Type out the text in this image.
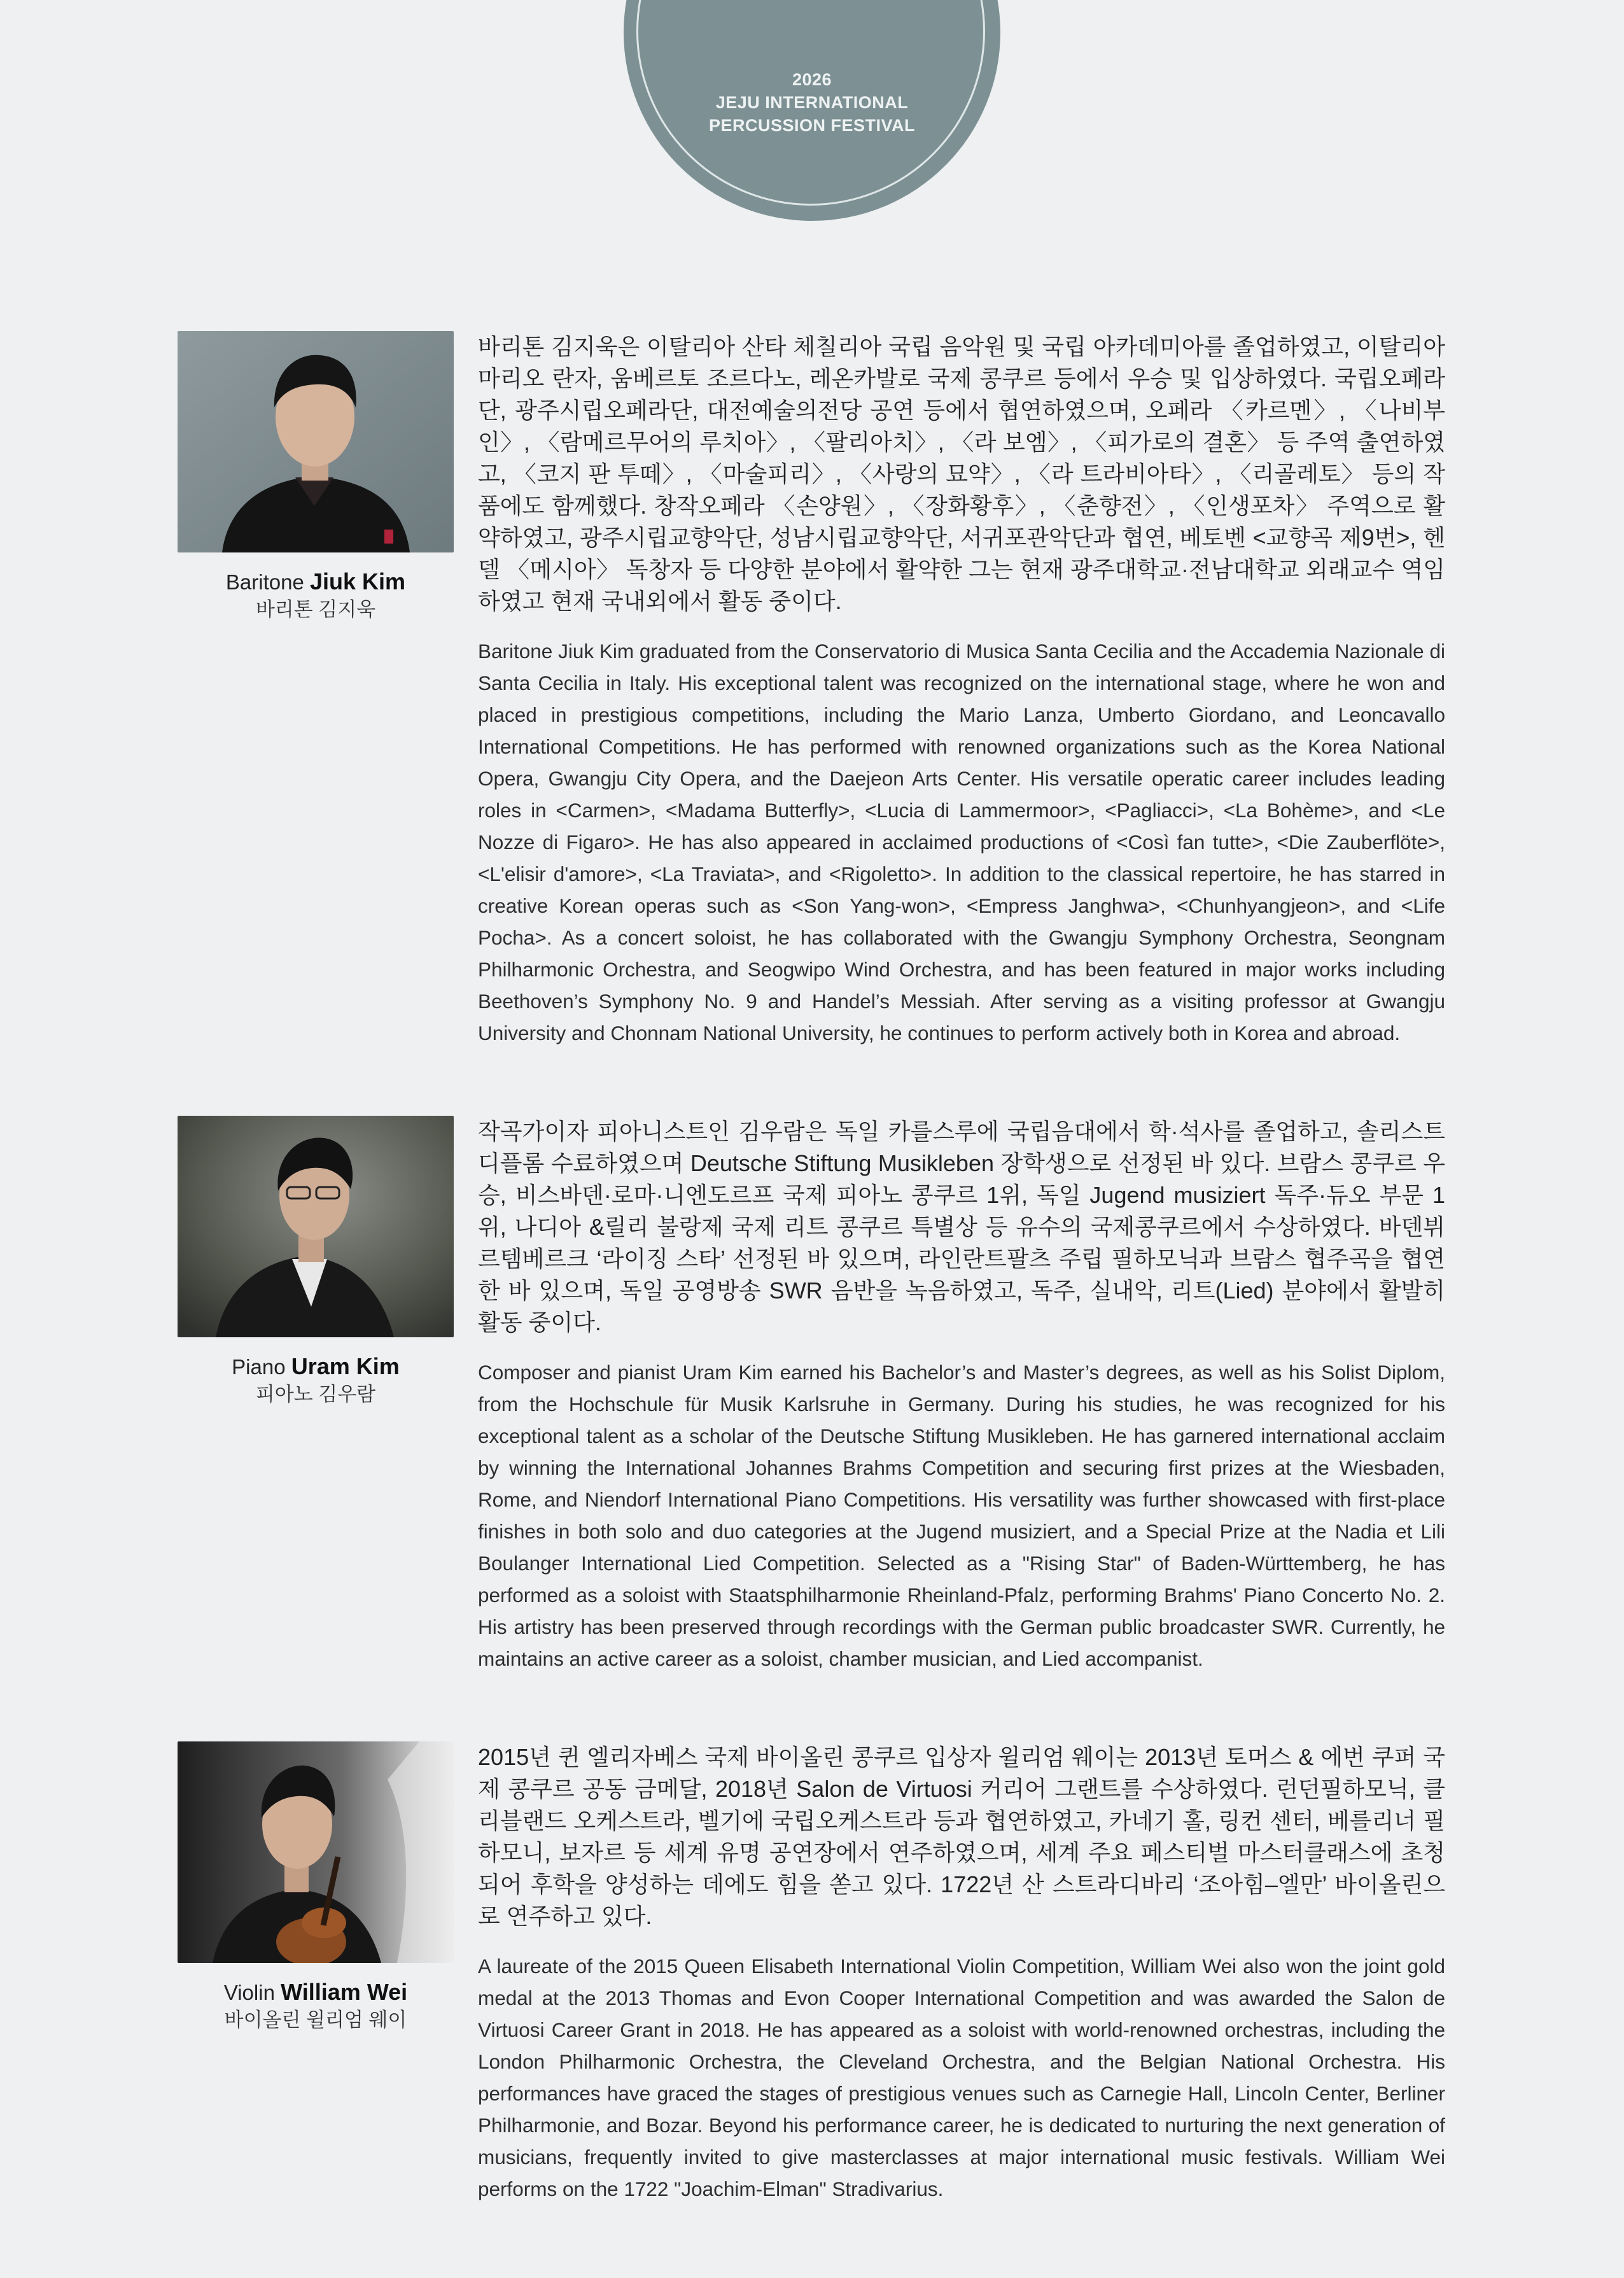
2026
JEJU INTERNATIONAL
PERCUSSION FESTIVAL
Baritone Jiuk Kim
바리톤 김지욱

바리톤 김지욱은 이탈리아 산타 체칠리아 국립 음악원 및 국립 아카데미아를 졸업하였고, 이탈리아 마리오 란자, 움베르토 조르다노, 레온카발로 국제 콩쿠르 등에서 우승 및 입상하였다. 국립오페라단, 광주시립오페라단, 대전예술의전당 공연 등에서 협연하였으며, 오페라 〈카르멘〉, 〈나비부인〉, 〈람메르무어의 루치아〉, 〈팔리아치〉, 〈라 보엠〉, 〈피가로의 결혼〉 등 주역 출연하였고, 〈코지 판 투떼〉, 〈마술피리〉, 〈사랑의 묘약〉, 〈라 트라비아타〉, 〈리골레토〉 등의 작품에도 함께했다. 창작오페라 〈손양원〉, 〈장화황후〉, 〈춘향전〉, 〈인생포차〉 주역으로 활약하였고, 광주시립교향악단, 성남시립교향악단, 서귀포관악단과 협연, 베토벤 <교향곡 제9번>, 헨델 〈메시아〉 독창자 등 다양한 분야에서 활약한 그는 현재 광주대학교·전남대학교 외래교수 역임하였고 현재 국내외에서 활동 중이다.

Baritone Jiuk Kim graduated from the Conservatorio di Musica Santa Cecilia and the Accademia Nazionale di Santa Cecilia in Italy. His exceptional talent was recognized on the international stage, where he won and placed in prestigious competitions, including the Mario Lanza, Umberto Giordano, and Leoncavallo International Competitions. He has performed with renowned organizations such as the Korea National Opera, Gwangju City Opera, and the Daejeon Arts Center. His versatile operatic career includes leading roles in <Carmen>, <Madama Butterfly>, <Lucia di Lammermoor>, <Pagliacci>, <La Bohème>, and <Le Nozze di Figaro>. He has also appeared in acclaimed productions of <Così fan tutte>, <Die Zauberflöte>, <L'elisir d'amore>, <La Traviata>, and <Rigoletto>. In addition to the classical repertoire, he has starred in creative Korean operas such as <Son Yang-won>, <Empress Janghwa>, <Chunhyangjeon>, and <Life Pocha>. As a concert soloist, he has collaborated with the Gwangju Symphony Orchestra, Seongnam Philharmonic Orchestra, and Seogwipo Wind Orchestra, and has been featured in major works including Beethoven’s Symphony No. 9 and Handel’s Messiah. After serving as a visiting professor at Gwangju University and Chonnam National University, he continues to perform actively both in Korea and abroad.

Piano Uram Kim
피아노 김우람

작곡가이자 피아니스트인 김우람은 독일 카를스루에 국립음대에서 학·석사를 졸업하고, 솔리스트 디플롬 수료하였으며 Deutsche Stiftung Musikleben 장학생으로 선정된 바 있다. 브람스 콩쿠르 우승, 비스바덴·로마·니엔도르프 국제 피아노 콩쿠르 1위, 독일 Jugend musiziert 독주·듀오 부문 1위, 나디아 &릴리 불랑제 국제 리트 콩쿠르 특별상 등 유수의 국제콩쿠르에서 수상하였다. 바덴뷔르템베르크 ‘라이징 스타’ 선정된 바 있으며, 라인란트팔츠 주립 필하모닉과 브람스 협주곡을 협연한 바 있으며, 독일 공영방송 SWR 음반을 녹음하였고, 독주, 실내악, 리트(Lied) 분야에서 활발히 활동 중이다.

Composer and pianist Uram Kim earned his Bachelor’s and Master’s degrees, as well as his Solist Diplom, from the Hochschule für Musik Karlsruhe in Germany. During his studies, he was recognized for his exceptional talent as a scholar of the Deutsche Stiftung Musikleben. He has garnered international acclaim by winning the International Johannes Brahms Competition and securing first prizes at the Wiesbaden, Rome, and Niendorf International Piano Competitions. His versatility was further showcased with first-place finishes in both solo and duo categories at the Jugend musiziert, and a Special Prize at the Nadia et Lili Boulanger International Lied Competition. Selected as a "Rising Star" of Baden-Württemberg, he has performed as a soloist with Staatsphilharmonie Rheinland-Pfalz, performing Brahms' Piano Concerto No. 2. His artistry has been preserved through recordings with the German public broadcaster SWR. Currently, he maintains an active career as a soloist, chamber musician, and Lied accompanist.

Violin William Wei
바이올린 윌리엄 웨이

2015년 퀸 엘리자베스 국제 바이올린 콩쿠르 입상자 윌리엄 웨이는 2013년 토머스 & 에번 쿠퍼 국제 콩쿠르 공동 금메달, 2018년 Salon de Virtuosi 커리어 그랜트를 수상하였다. 런던필하모닉, 클리블랜드 오케스트라, 벨기에 국립오케스트라 등과 협연하였고, 카네기 홀, 링컨 센터, 베를리너 필하모니, 보자르 등 세계 유명 공연장에서 연주하였으며, 세계 주요 페스티벌 마스터클래스에 초청되어 후학을 양성하는 데에도 힘을 쏟고 있다. 1722년 산 스트라디바리 ‘조아힘–엘만’ 바이올린으로 연주하고 있다.

A laureate of the 2015 Queen Elisabeth International Violin Competition, William Wei also won the joint gold medal at the 2013 Thomas and Evon Cooper International Competition and was awarded the Salon de Virtuosi Career Grant in 2018. He has appeared as a soloist with world-renowned orchestras, including the London Philharmonic Orchestra, the Cleveland Orchestra, and the Belgian National Orchestra. His performances have graced the stages of prestigious venues such as Carnegie Hall, Lincoln Center, Berliner Philharmonie, and Bozar. Beyond his performance career, he is dedicated to nurturing the next generation of musicians, frequently invited to give masterclasses at major international music festivals. William Wei performs on the 1722 "Joachim-Elman" Stradivarius.
